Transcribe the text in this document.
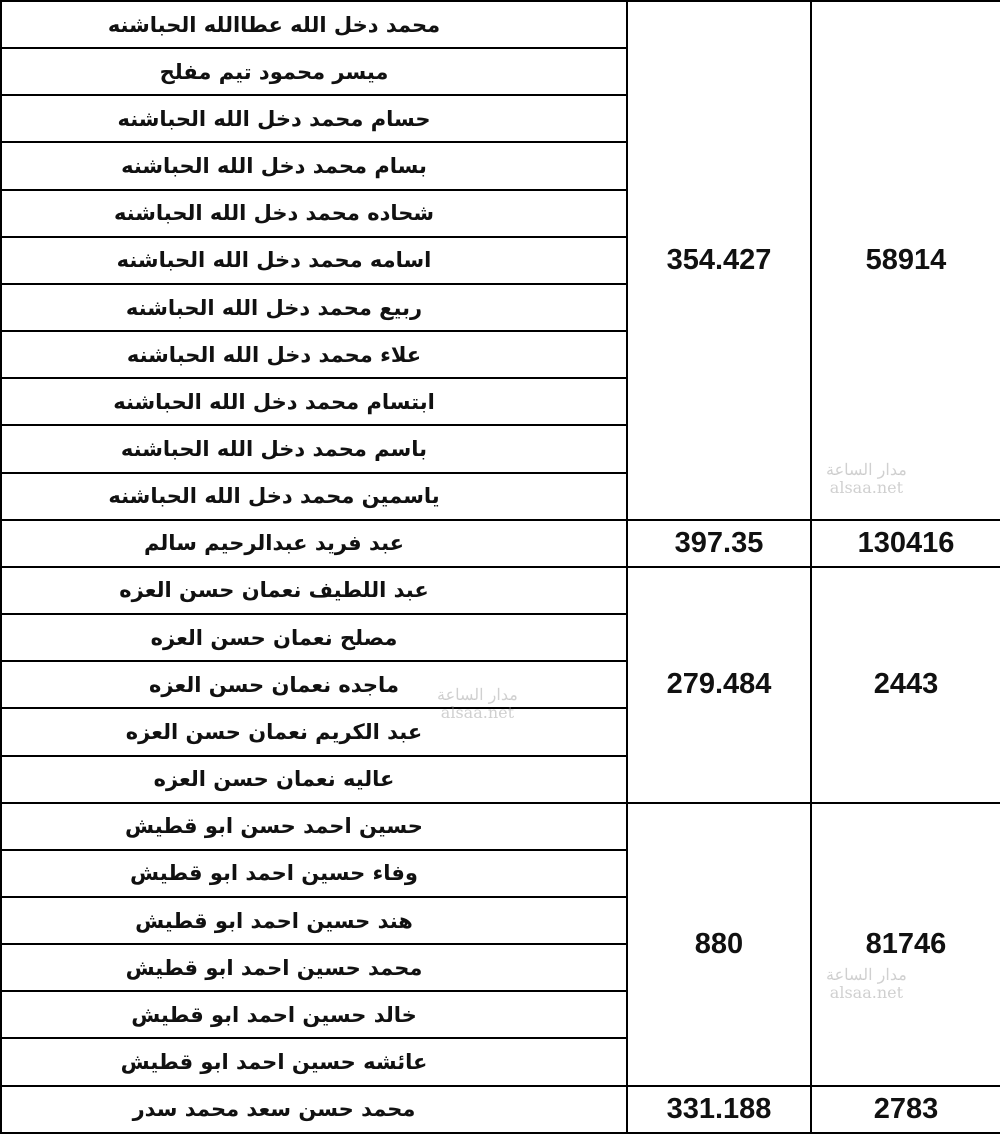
محمد دخل الله عطاالله الحباشنه	354.427	58914
ميسر محمود تيم مفلح		
حسام محمد دخل الله الحباشنه		
بسام محمد دخل الله الحباشنه		
شحاده محمد دخل الله الحباشنه		
اسامه محمد دخل الله الحباشنه		
ربيع محمد دخل الله الحباشنه		
علاء محمد دخل الله الحباشنه		
ابتسام محمد دخل الله الحباشنه		
باسم محمد دخل الله الحباشنه		
ياسمين محمد دخل الله الحباشنه		
عبد فريد عبدالرحيم سالم	397.35	130416
عبد اللطيف نعمان حسن العزه	279.484	2443
مصلح نعمان حسن العزه		
ماجده نعمان حسن العزه		
عبد الكريم نعمان حسن العزه		
عاليه نعمان حسن العزه		
حسين احمد حسن ابو قطيش	880	81746
وفاء حسين احمد ابو قطيش		
هند حسين احمد ابو قطيش		
محمد حسين احمد ابو قطيش		
خالد حسين احمد ابو قطيش		
عائشه حسين احمد ابو قطيش		
محمد حسن سعد محمد سدر	331.188	2783
مدار الساعة
alsaa.net
مدار الساعة
alsaa.net
مدار الساعة
alsaa.net
